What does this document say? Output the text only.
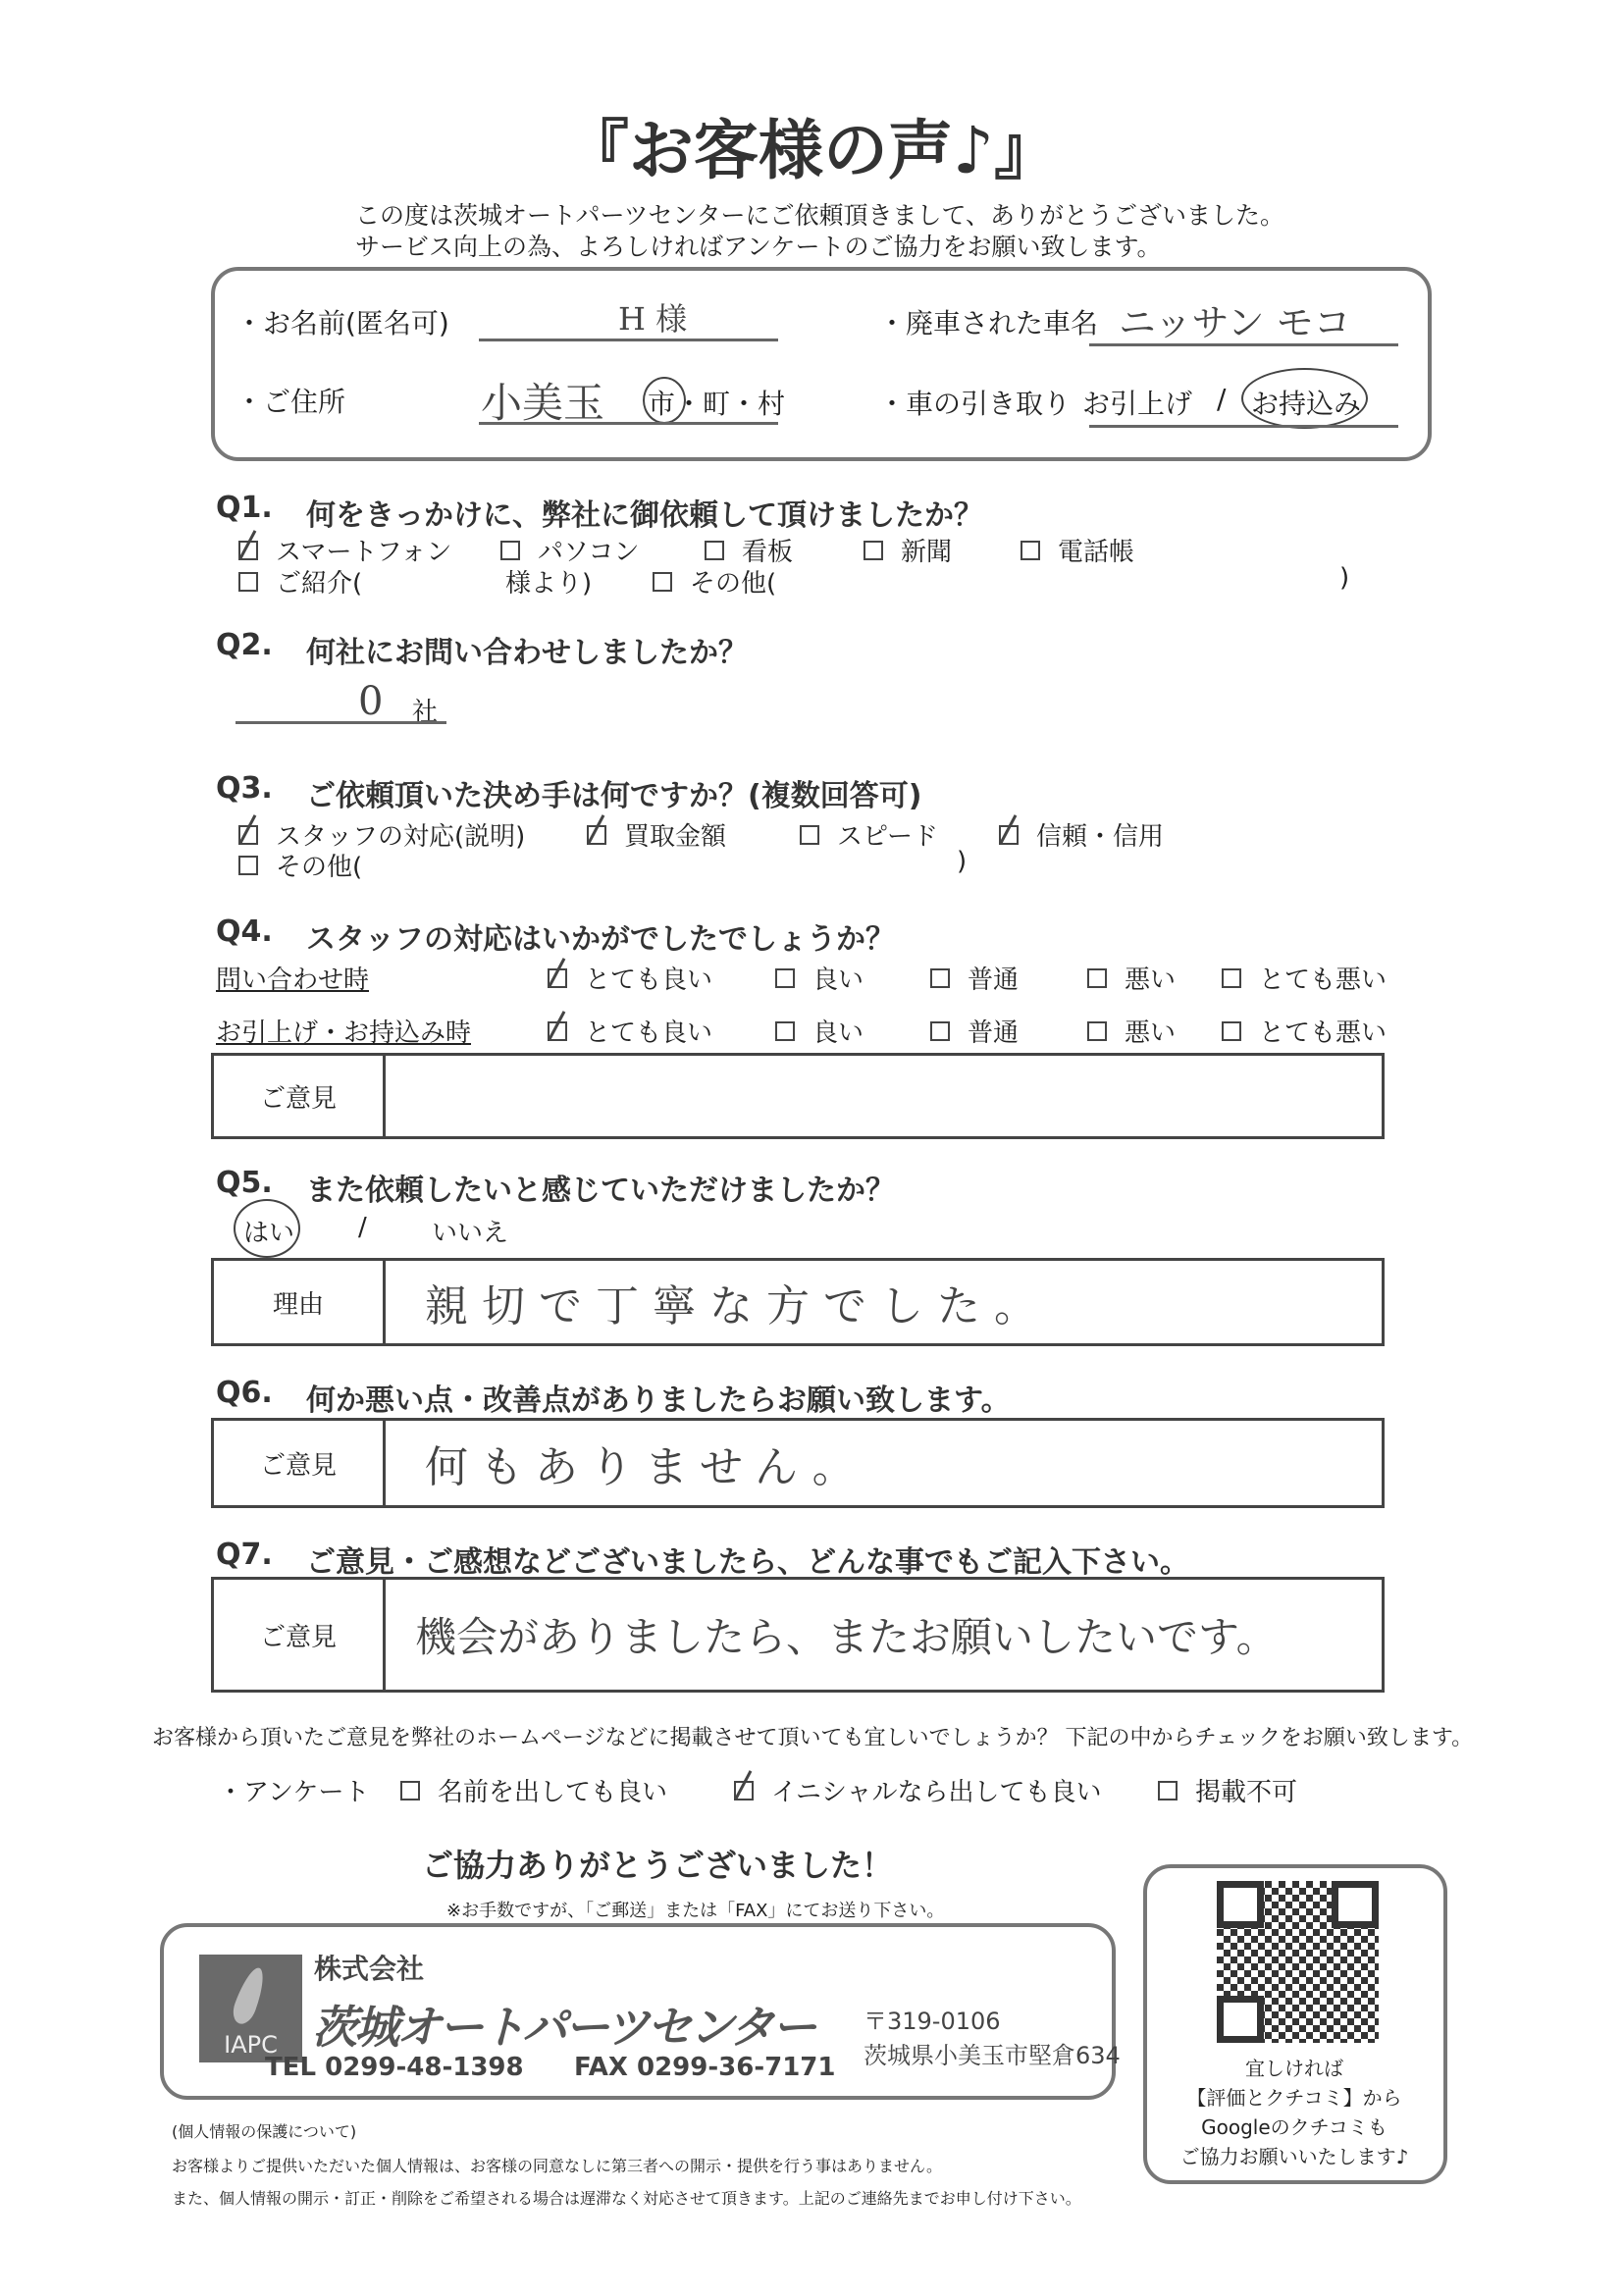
『お客様の声♪』
この度は茨城オートパーツセンターにご依頼頂きまして、ありがとうございました。
サービス向上の為、よろしければアンケートのご協力をお願い致します。
・お名前(匿名可)	H 様	・廃車された車名 ニッサン モコ
・ご住所	小美玉 市・町・村	・車の引き取り お引上げ / お持込み
Q1. 何をきっかけに、弊社に御依頼して頂けましたか？
スマートフォン	パソコン	看板	新聞	電話帳
ご紹介(	様より)	その他(	)
Q2. 何社にお問い合わせしましたか？
0 社
Q3. ご依頼頂いた決め手は何ですか？(複数回答可)
スタッフの対応(説明)	買取金額	スピード	信頼・信用
その他(	)
Q4. スタッフの対応はいかがでしたでしょうか？
問い合わせ時	とても良い	良い	普通	悪い	とても悪い
お引上げ・お持込み時	とても良い	良い	普通	悪い	とても悪い
ご意見
Q5. また依頼したいと感じていただけましたか？
はい /	いいえ
理由	親切で丁寧な方でした。
Q6. 何か悪い点・改善点がありましたらお願い致します。
ご意見	何もありません。
Q7. ご意見・ご感想などございましたら、どんな事でもご記入下さい。
ご意見	機会がありましたら、またお願いしたいです。
お客様から頂いたご意見を弊社のホームページなどに掲載させて頂いても宜しいでしょうか？ 下記の中からチェックをお願い致します。
・アンケート	名前を出しても良い	イニシャルなら出しても良い	掲載不可
ご協力ありがとうございました！
※お手数ですが、「ご郵送」または「FAX」にてお送り下さい。
IAPC
株式会社
茨城オートパーツセンター 〒319-0106
茨城県小美玉市堅倉634
TEL 0299-48-1398 FAX 0299-36-7171	宜しければ
【評価とクチコミ】から
Googleのクチコミも
ご協力お願いいたします♪
(個人情報の保護について)
お客様よりご提供いただいた個人情報は、お客様の同意なしに第三者への開示・提供を行う事はありません。
また、個人情報の開示・訂正・削除をご希望される場合は遅滞なく対応させて頂きます。上記のご連絡先までお申し付け下さい。
